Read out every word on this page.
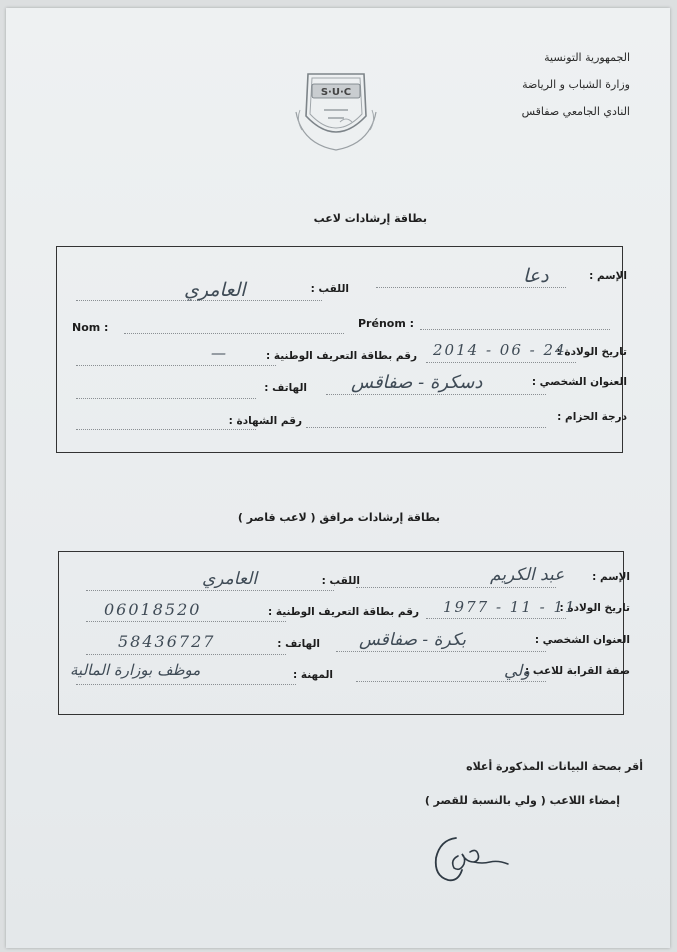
الجمهورية التونسية
وزارة الشباب و الرياضة
النادي الجامعي صفاقس
S·U·C
بطاقة إرشادات لاعب
الإسم :
دعا
اللقب :
العامري
Nom :	Prénom :
تاريخ الولادة :
2014 - 06 - 24
رقم بطاقة التعريف الوطنية :
—
العنوان الشخصي :
دسكرة - صفاقس
الهاتف :
درجة الحزام :
رقم الشهادة :
بطاقة إرشادات مرافق ( لاعب قاصر )
الإسم :
عبد الكريم
اللقب :
العامري
تاريخ الولادة :
1977 - 11 - 11
رقم بطاقة التعريف الوطنية :
06018520
العنوان الشخصي :
بكرة - صفاقس
الهاتف :
58436727
صفة القرابة للاعب :
ولي
المهنة :
موظف بوزارة المالية
أقر بصحة البيانات المذكورة أعلاه
إمضاء اللاعب ( ولي بالنسبة للقصر )
